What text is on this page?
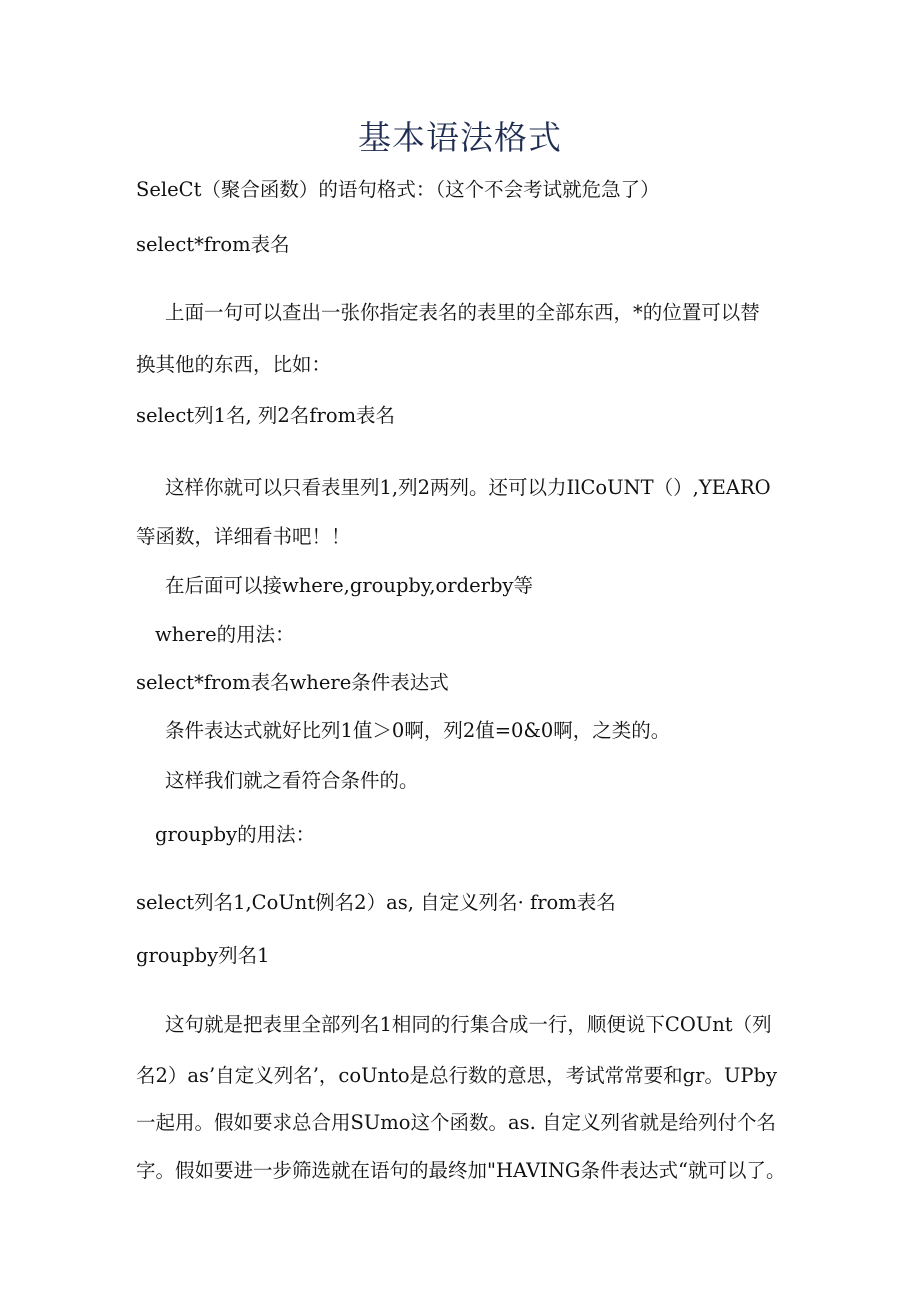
基本语法格式
SeleCt（聚合函数）的语句格式：（这个不会考试就危急了）
select*from表名
上面一句可以查出一张你指定表名的表里的全部东西，*的位置可以替
换其他的东西，比如：
select列1名, 列2名from表名
这样你就可以只看表里列1,列2两列。还可以力IlCoUNT（）,YEARO
等函数，详细看书吧！！
在后面可以接where,groupby,orderby等
where的用法：
select*from表名where条件表达式
条件表达式就好比列1值＞0啊，列2值=0&0啊，之类的。
这样我们就之看符合条件的。
groupby的用法：
select列名1,CoUnt例名2）as, 自定义列名· from表名
groupby列名1
这句就是把表里全部列名1相同的行集合成一行，顺便说下COUnt（列
名2）as’自定义列名’，coUnto是总行数的意思，考试常常要和gr。UPby
一起用。假如要求总合用SUmo这个函数。as. 自定义列省就是给列付个名
字。假如要进一步筛选就在语句的最终加"HAVING条件表达式“就可以了。
